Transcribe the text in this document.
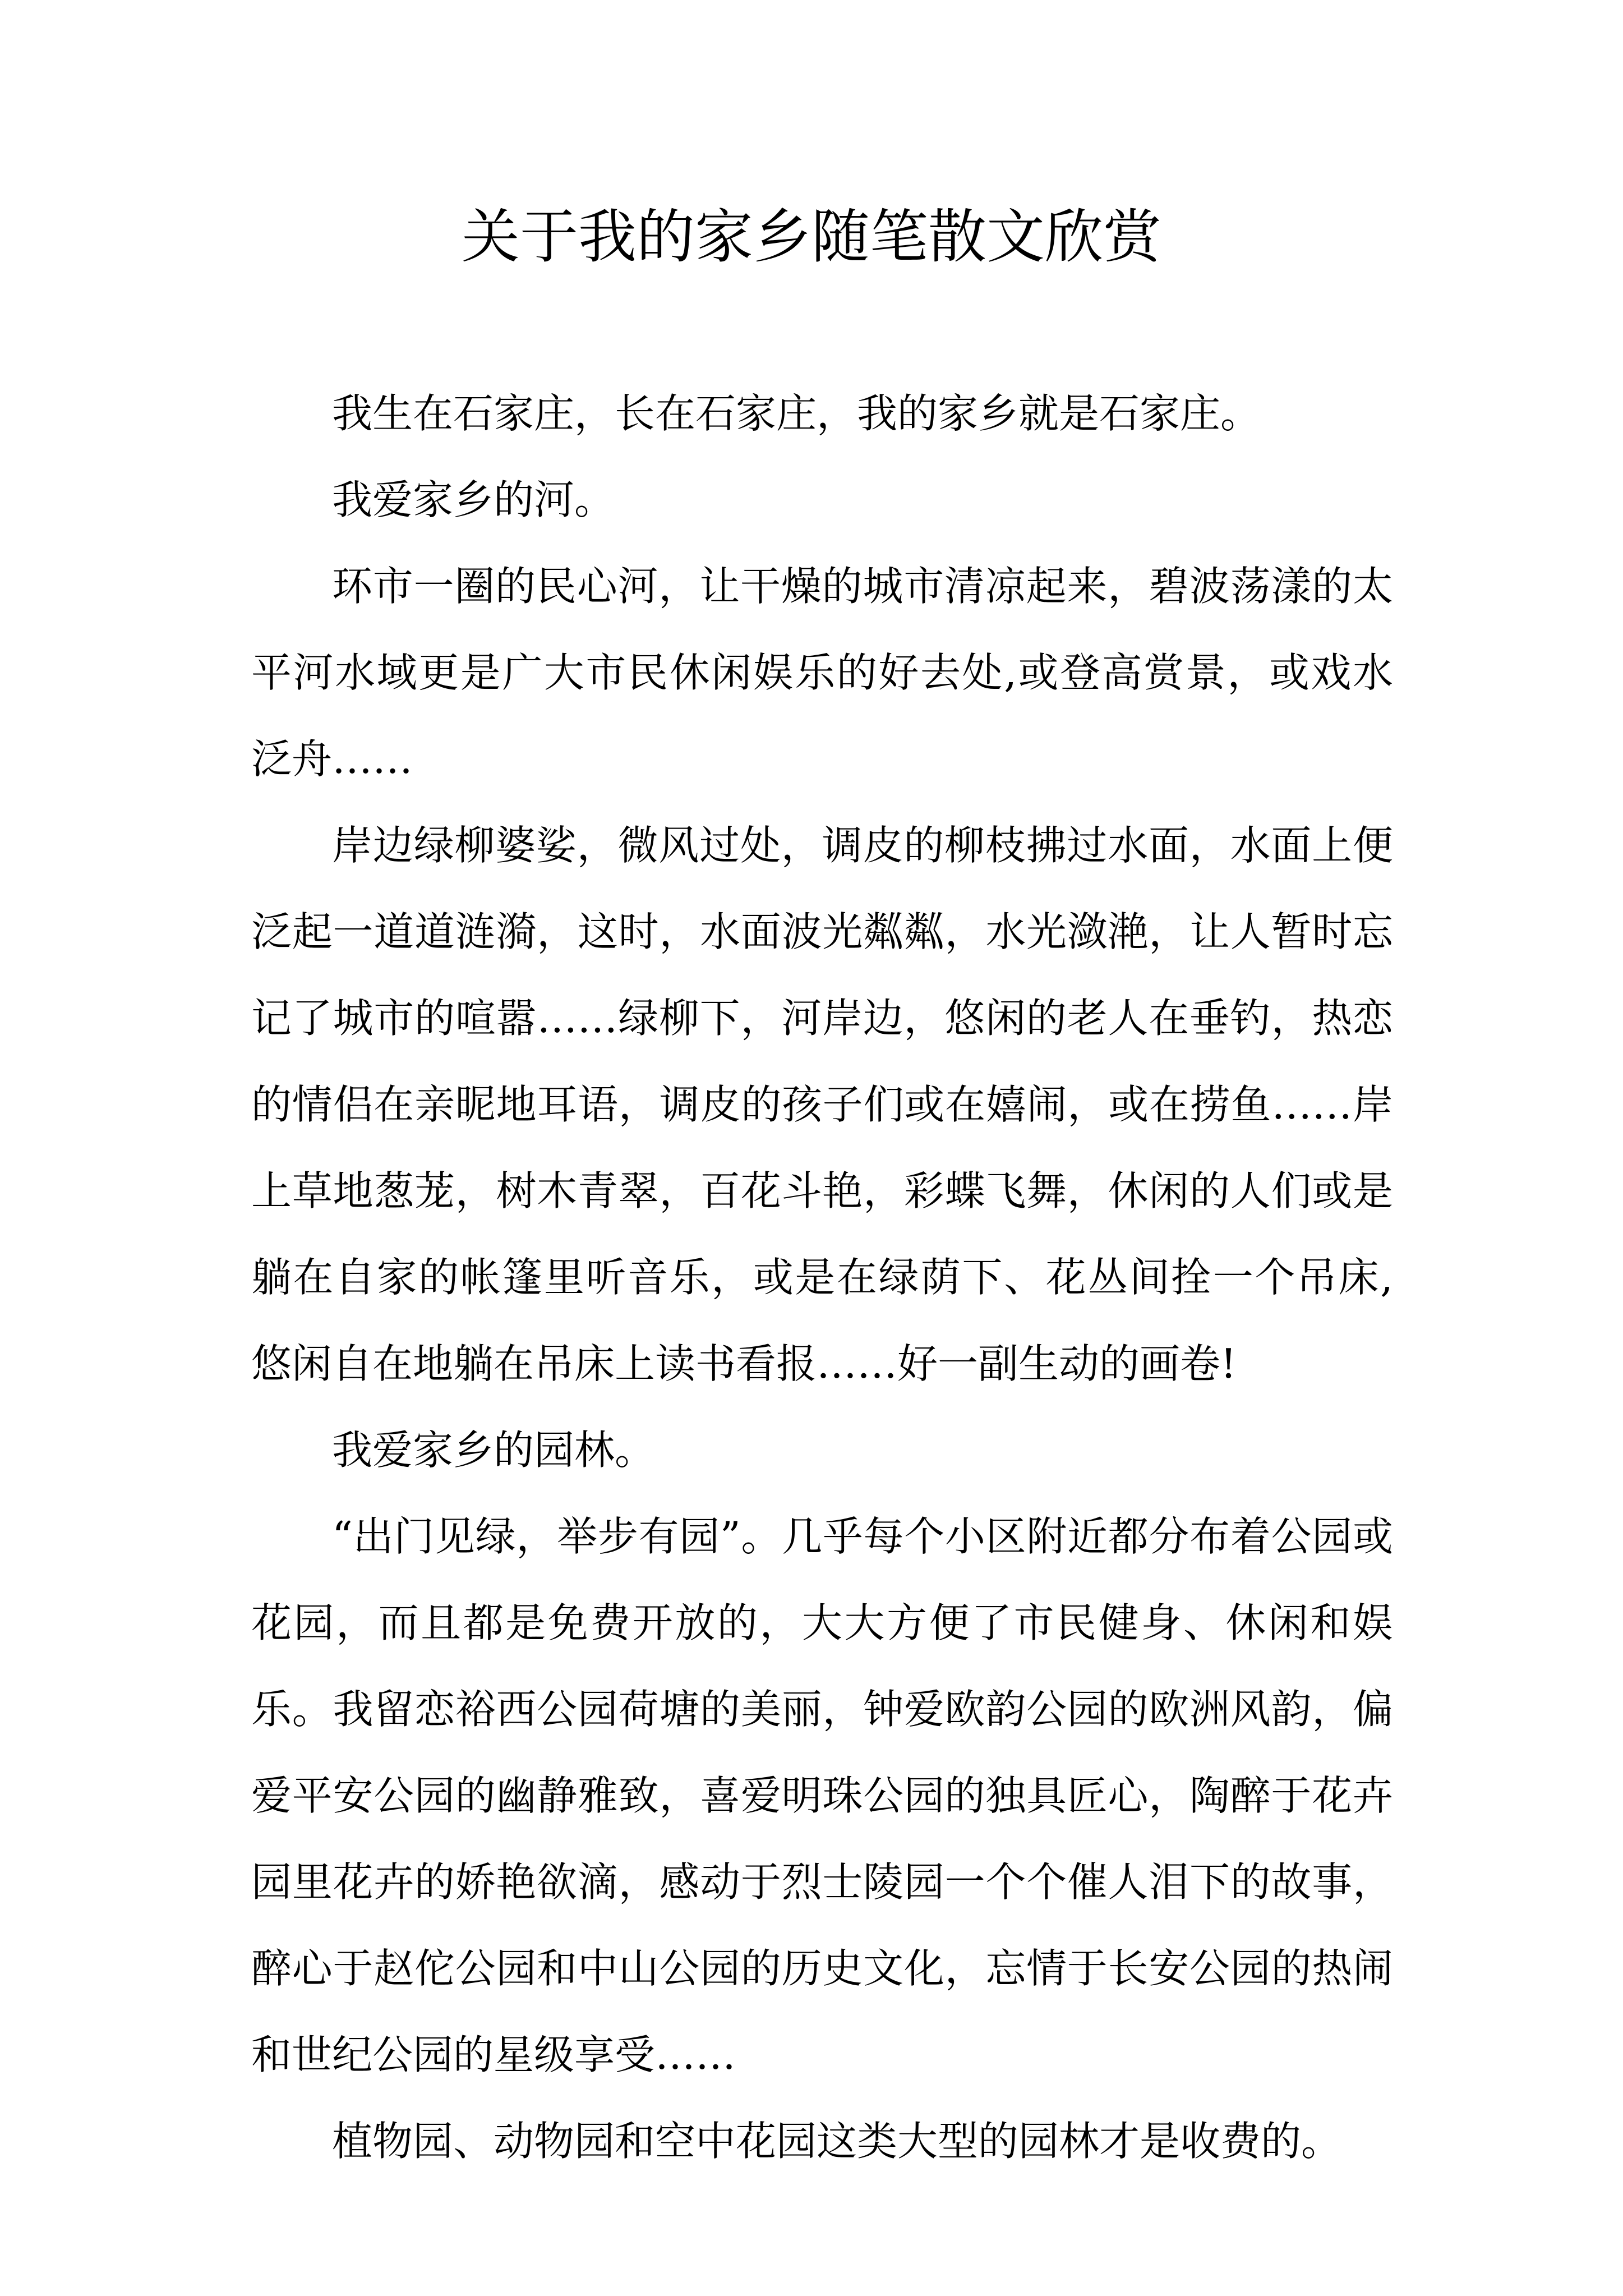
关于我的家乡随笔散文欣赏

我生在石家庄，长在石家庄，我的家乡就是石家庄。

我爱家乡的河。

环市一圈的民心河，让干燥的城市清凉起来，碧波荡漾的太平河水域更是广大市民休闲娱乐的好去处,或登高赏景，或戏水泛舟……

岸边绿柳婆娑，微风过处，调皮的柳枝拂过水面，水面上便泛起一道道涟漪，这时，水面波光粼粼，水光潋滟，让人暂时忘记了城市的喧嚣……绿柳下，河岸边，悠闲的老人在垂钓，热恋的情侣在亲昵地耳语，调皮的孩子们或在嬉闹，或在捞鱼……岸上草地葱茏，树木青翠，百花斗艳，彩蝶飞舞，休闲的人们或是躺在自家的帐篷里听音乐，或是在绿荫下、花丛间拴一个吊床,悠闲自在地躺在吊床上读书看报……好一副生动的画卷!

我爱家乡的园林。

“出门见绿，举步有园”。几乎每个小区附近都分布着公园或花园，而且都是免费开放的，大大方便了市民健身、休闲和娱乐。我留恋裕西公园荷塘的美丽，钟爱欧韵公园的欧洲风韵，偏爱平安公园的幽静雅致，喜爱明珠公园的独具匠心，陶醉于花卉园里花卉的娇艳欲滴，感动于烈士陵园一个个催人泪下的故事，醉心于赵佗公园和中山公园的历史文化，忘情于长安公园的热闹和世纪公园的星级享受……

植物园、动物园和空中花园这类大型的园林才是收费的。
